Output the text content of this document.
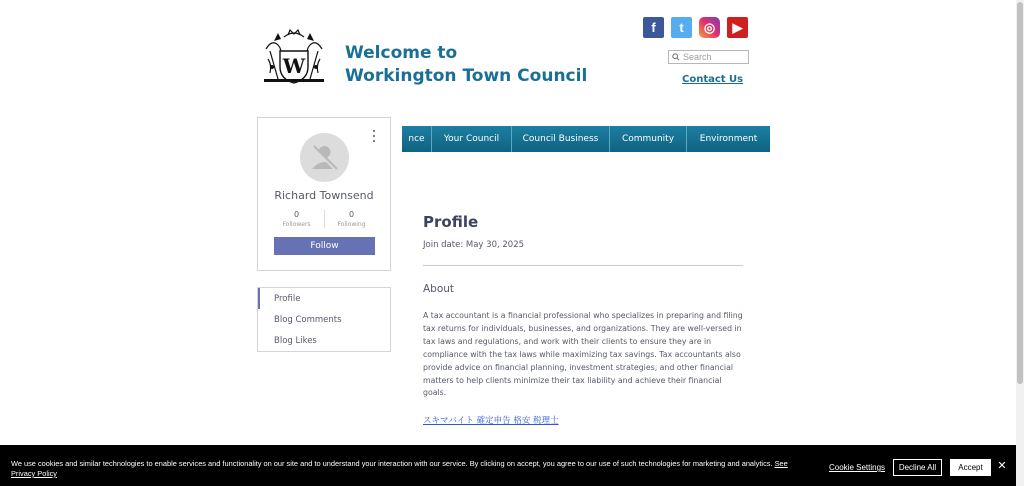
W
Welcome to
Workington Town Council
f	t	◎	▶
Search
Contact Us
nce	Your Council	Council Business	Community	Environment
Richard Townsend
0
Followers
0
Following
Follow
Profile
Blog Comments
Blog Likes
Profile
Join date: May 30, 2025
About
A tax accountant is a financial professional who specializes in preparing and filing tax returns for individuals, businesses, and organizations. They are well-versed in tax laws and regulations, and work with their clients to ensure they are in compliance with the tax laws while maximizing tax savings. Tax accountants also provide advice on financial planning, investment strategies, and other financial matters to help clients minimize their tax liability and achieve their financial goals.
スキマバイト 確定申告 格安 税理士
We use cookies and similar technologies to enable services and functionality on our site and to understand your interaction with our service. By clicking on accept, you agree to our use of such technologies for marketing and analytics. See Privacy Policy
Cookie Settings	Decline All	Accept	✕
